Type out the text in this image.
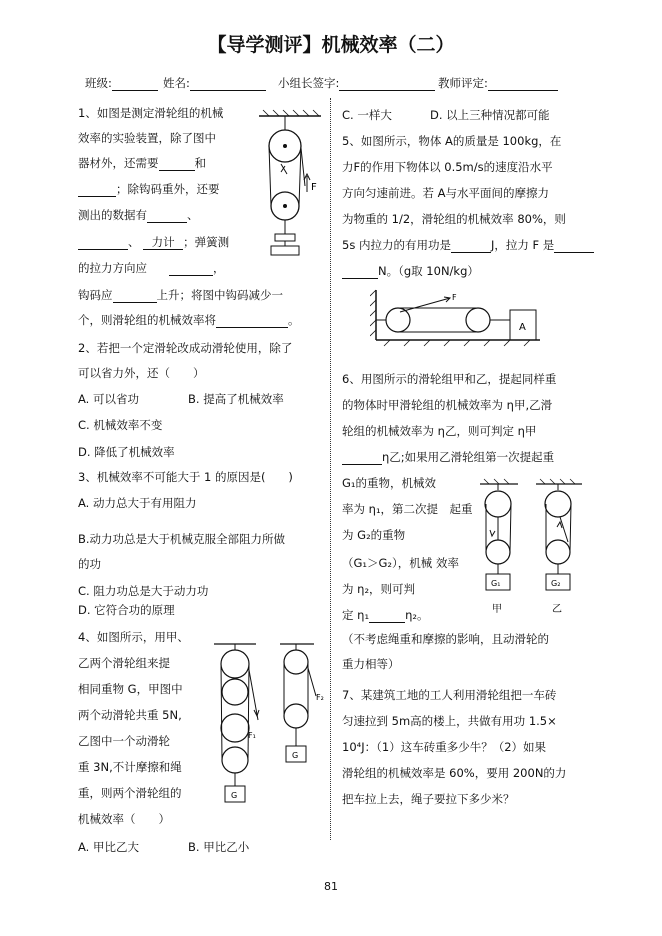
【导学测评】机械效率（二）
班级:	姓名:	小组长签字:	教师评定:
1、如图是测定滑轮组的机械
效率的实验装置，除了图中
器材外，还需要	和
；除钩码重外，还要
测出的数据有	、
、 力计 ；弹簧测
的拉力方向应	，
钩码应	上升；将图中钩码减少一
个，则滑轮组的机械效率将	。
F
2、若把一个定滑轮改成动滑轮使用，除了
可以省力外，还（　　）
A. 可以省功	B. 提高了机械效率
C. 机械效率不变
D. 降低了机械效率
3、机械效率不可能大于 1 的原因是(　　)
A. 动力总大于有用阻力
B.动力功总是大于机械克服全部阻力所做
的功
C. 阻力功总是大于动力功
D. 它符合功的原理
4、如图所示，用甲、
乙两个滑轮组来提
相同重物 G，甲图中
两个动滑轮共重 5N,
乙图中一个动滑轮
重 3N,不计摩擦和绳
重，则两个滑轮组的
机械效率（　　）
A. 甲比乙大	B. 甲比乙小
F₁
G
F₂
G
C. 一样大	D. 以上三种情况都可能
5、如图所示，物体 A的质量是 100kg，在
力F的作用下物体以 0.5m/s的速度沿水平
方向匀速前进。若 A与水平面间的摩擦力
为物重的 1/2，滑轮组的机械效率 80%，则
5s 内拉力的有用功是	J，拉力 F 是
N。（g取 10N/kg）
F
A
6、用图所示的滑轮组甲和乙，提起同样重
的物体时甲滑轮组的机械效率为 η甲,乙滑
轮组的机械效率为 η乙，则可判定 η甲
η乙;如果用乙滑轮组第一次提起重
G₁的重物，机械效
率为 η₁，第二次提　起重
为 G₂的重物
（G₁＞G₂），机械 效率
为 η₂，则可判
定 η₁	η₂。
（不考虑绳重和摩擦的影响，且动滑轮的
重力相等）
G₁
甲
G₂
乙
7、某建筑工地的工人利用滑轮组把一车砖
匀速拉到 5m高的楼上，共做有用功 1.5×
10⁴J：（1）这车砖重多少牛？（2）如果
滑轮组的机械效率是 60%，要用 200N的力
把车拉上去，绳子要拉下多少米？
81
